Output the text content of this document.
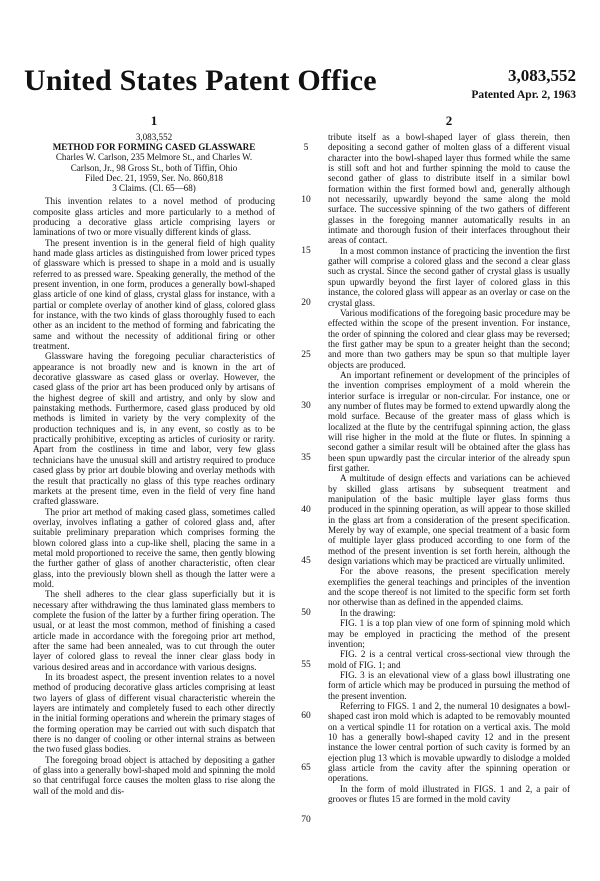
United States Patent Office	3,083,552
Patented Apr. 2, 1963
1
3,083,552
METHOD FOR FORMING CASED GLASSWARE
Charles W. Carlson, 235 Melmore St., and Charles W.
Carlson, Jr., 98 Gross St., both of Tiffin, Ohio
Filed Dec. 21, 1959, Ser. No. 860,818
3 Claims. (Cl. 65—68)

This invention relates to a novel method of producing composite glass articles and more particularly to a method of producing a decorative glass article comprising layers or laminations of two or more visually different kinds of glass.

The present invention is in the general field of high quality hand made glass articles as distinguished from lower priced types of glassware which is pressed to shape in a mold and is usually referred to as pressed ware. Speaking generally, the method of the present invention, in one form, produces a generally bowl-shaped glass article of one kind of glass, crystal glass for instance, with a partial or complete overlay of another kind of glass, colored glass for instance, with the two kinds of glass thoroughly fused to each other as an incident to the method of forming and fabricating the same and without the necessity of additional firing or other treatment.

Glassware having the foregoing peculiar characteristics of appearance is not broadly new and is known in the art of decorative glassware as cased glass or overlay. However, the cased glass of the prior art has been produced only by artisans of the highest degree of skill and artistry, and only by slow and painstaking methods. Furthermore, cased glass produced by old methods is limited in variety by the very complexity of the production techniques and is, in any event, so costly as to be practically prohibitive, excepting as articles of curiosity or rarity. Apart from the costliness in time and labor, very few glass technicians have the unusual skill and artistry required to produce cased glass by prior art double blowing and overlay methods with the result that practically no glass of this type reaches ordinary markets at the present time, even in the field of very fine hand crafted glassware.

The prior art method of making cased glass, sometimes called overlay, involves inflating a gather of colored glass and, after suitable preliminary preparation which comprises forming the blown colored glass into a cup-like shell, placing the same in a metal mold proportioned to receive the same, then gently blowing the further gather of glass of another characteristic, often clear glass, into the previously blown shell as though the latter were a mold.

The shell adheres to the clear glass superficially but it is necessary after withdrawing the thus laminated glass members to complete the fusion of the latter by a further firing operation. The usual, or at least the most common, method of finishing a cased article made in accordance with the foregoing prior art method, after the same had been annealed, was to cut through the outer layer of colored glass to reveal the inner clear glass body in various desired areas and in accordance with various designs.

In its broadest aspect, the present invention relates to a novel method of producing decorative glass articles comprising at least two layers of glass of different visual characteristic wherein the layers are intimately and completely fused to each other directly in the initial forming operations and wherein the primary stages of the forming operation may be carried out with such dispatch that there is no danger of cooling or other internal strains as between the two fused glass bodies.

The foregoing broad object is attached by depositing a gather of glass into a generally bowl-shaped mold and spinning the mold so that centrifugal force causes the molten glass to rise along the wall of the mold and dis-

2

tribute itself as a bowl-shaped layer of glass therein, then depositing a second gather of molten glass of a different visual character into the bowl-shaped layer thus formed while the same is still soft and hot and further spinning the mold to cause the second gather of glass to distribute itself in a similar bowl formation within the first formed bowl and, generally although not necessarily, upwardly beyond the same along the mold surface. The successive spinning of the two gathers of different glasses in the foregoing manner automatically results in an intimate and thorough fusion of their interfaces throughout their areas of contact.

In a most common instance of practicing the invention the first gather will comprise a colored glass and the second a clear glass such as crystal. Since the second gather of crystal glass is usually spun upwardly beyond the first layer of colored glass in this instance, the colored glass will appear as an overlay or case on the crystal glass.

Various modifications of the foregoing basic procedure may be effected within the scope of the present invention. For instance, the order of spinning the colored and clear glass may be reversed; the first gather may be spun to a greater height than the second; and more than two gathers may be spun so that multiple layer objects are produced.

An important refinement or development of the principles of the invention comprises employment of a mold wherein the interior surface is irregular or non-circular. For instance, one or any number of flutes may be formed to extend upwardly along the mold surface. Because of the greater mass of glass which is localized at the flute by the centrifugal spinning action, the glass will rise higher in the mold at the flute or flutes. In spinning a second gather a similar result will be obtained after the glass has been spun upwardly past the circular interior of the already spun first gather.

A multitude of design effects and variations can be achieved by skilled glass artisans by subsequent treatment and manipulation of the basic multiple layer glass forms thus produced in the spinning operation, as will appear to those skilled in the glass art from a consideration of the present specification. Merely by way of example, one special treatment of a basic form of multiple layer glass produced according to one form of the method of the present invention is set forth herein, although the design variations which may be practiced are virtually unlimited.

For the above reasons, the present specification merely exemplifies the general teachings and principles of the invention and the scope thereof is not limited to the specific form set forth nor otherwise than as defined in the appended claims.

In the drawing:

FIG. 1 is a top plan view of one form of spinning mold which may be employed in practicing the method of the present invention;

FIG. 2 is a central vertical cross-sectional view through the mold of FIG. 1; and

FIG. 3 is an elevational view of a glass bowl illustrating one form of article which may be produced in pursuing the method of the present invention.

Referring to FIGS. 1 and 2, the numeral 10 designates a bowl-shaped cast iron mold which is adapted to be removably mounted on a vertical spindle 11 for rotation on a vertical axis. The mold 10 has a generally bowl-shaped cavity 12 and in the present instance the lower central portion of such cavity is formed by an ejection plug 13 which is movable upwardly to dislodge a molded glass article from the cavity after the spinning operation or operations.

In the form of mold illustrated in FIGS. 1 and 2, a pair of grooves or flutes 15 are formed in the mold cavity

5
10
15
20
25
30
35
40
45
50
55
60
65
70
